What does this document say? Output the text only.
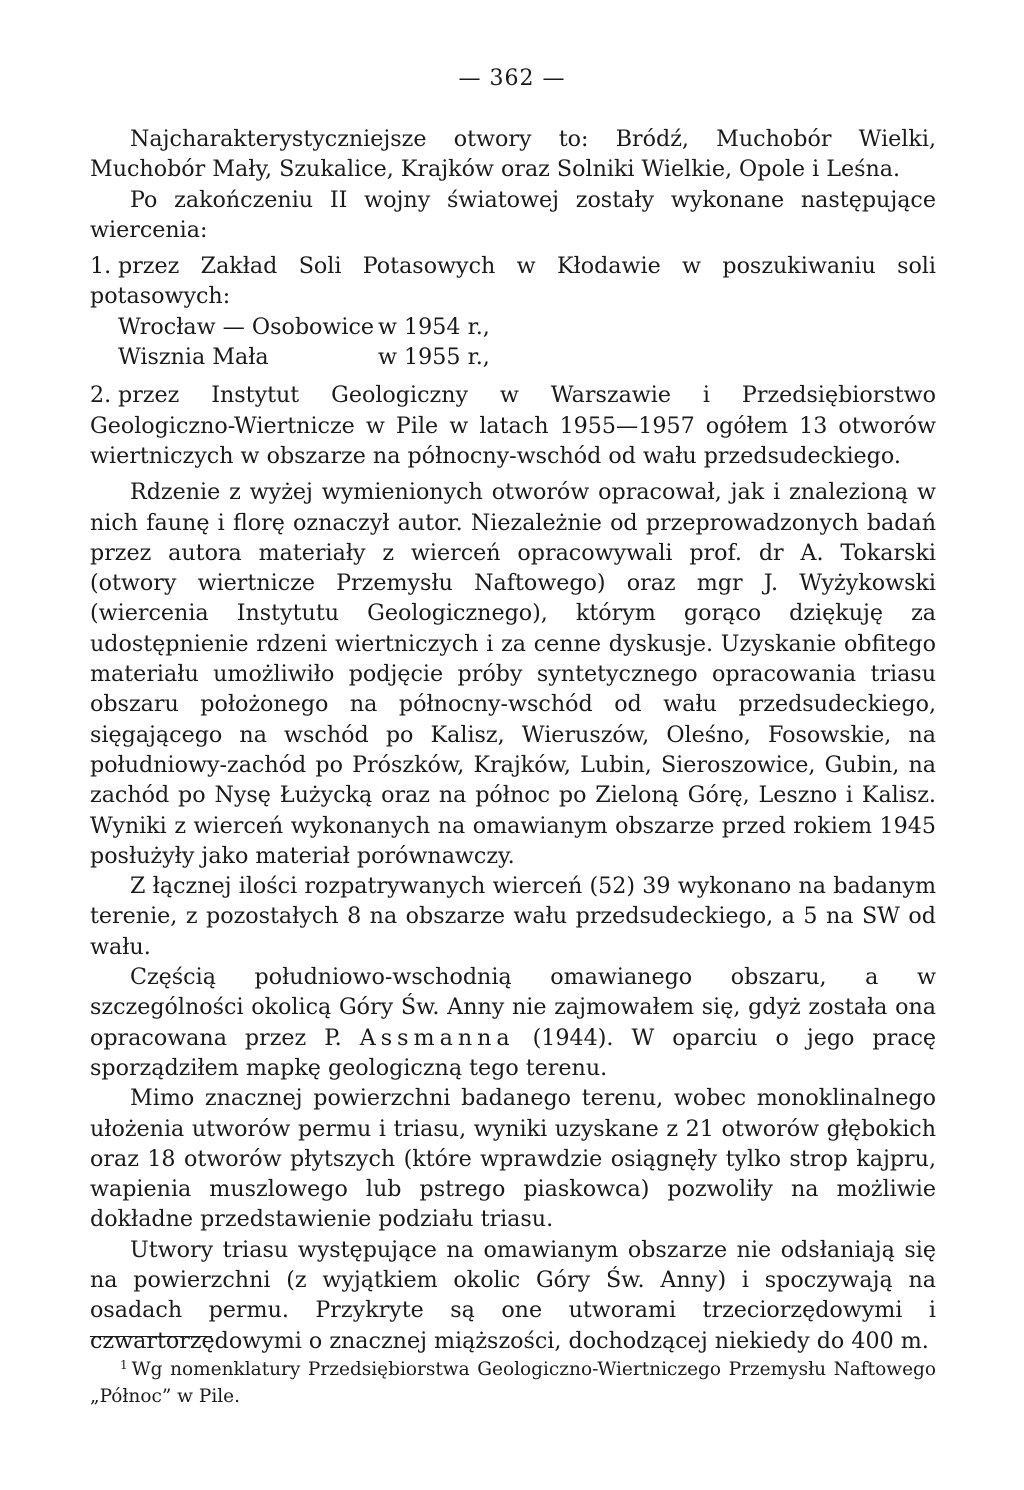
— 362 —

Najcharakterystyczniejsze otwory to: Bródź, Muchobór Wielki, Muchobór Mały, Szukalice, Krajków oraz Solniki Wielkie, Opole i Leśna.

Po zakończeniu II wojny światowej zostały wykonane następujące wiercenia:

1. przez Zakład Soli Potasowych w Kłodawie w poszukiwaniu soli potasowych:
Wrocław — Osobowice w 1954 r.,
Wisznia Mała	w 1955 r.,
2. przez Instytut Geologiczny w Warszawie i Przedsiębiorstwo Geologiczno-Wiertnicze w Pile w latach 1955—1957 ogółem 13 otworów wiertniczych w obszarze na północny-wschód od wału przedsudeckiego.

Rdzenie z wyżej wymienionych otworów opracował, jak i znalezioną w nich faunę i florę oznaczył autor. Niezależnie od przeprowadzonych badań przez autora materiały z wierceń opracowywali prof. dr A. Tokarski (otwory wiertnicze Przemysłu Naftowego) oraz mgr J. Wyżykowski (wiercenia Instytutu Geologicznego), którym gorąco dziękuję za udostępnienie rdzeni wiertniczych i za cenne dyskusje. Uzyskanie obfitego materiału umożliwiło podjęcie próby syntetycznego opracowania triasu obszaru położonego na północny-wschód od wału przedsudeckiego, sięgającego na wschód po Kalisz, Wieruszów, Oleśno, Fosowskie, na południowy-zachód po Prószków, Krajków, Lubin, Sieroszowice, Gubin, na zachód po Nysę Łużycką oraz na północ po Zieloną Górę, Leszno i Kalisz. Wyniki z wierceń wykonanych na omawianym obszarze przed rokiem 1945 posłużyły jako materiał porównawczy.

Z łącznej ilości rozpatrywanych wierceń (52) 39 wykonano na badanym terenie, z pozostałych 8 na obszarze wału przedsudeckiego, a 5 na SW od wału.

Częścią południowo-wschodnią omawianego obszaru, a w szczególności okolicą Góry Św. Anny nie zajmowałem się, gdyż została ona opracowana przez P. Assmanna (1944). W oparciu o jego pracę sporządziłem mapkę geologiczną tego terenu.

Mimo znacznej powierzchni badanego terenu, wobec monoklinalnego ułożenia utworów permu i triasu, wyniki uzyskane z 21 otworów głębokich oraz 18 otworów płytszych (które wprawdzie osiągnęły tylko strop kajpru, wapienia muszlowego lub pstrego piaskowca) pozwoliły na możliwie dokładne przedstawienie podziału triasu.

Utwory triasu występujące na omawianym obszarze nie odsłaniają się na powierzchni (z wyjątkiem okolic Góry Św. Anny) i spoczywają na osadach permu. Przykryte są one utworami trzeciorzędowymi i czwartorzędowymi o znacznej miąższości, dochodzącej niekiedy do 400 m.

$^1$ Wg nomenklatury Przedsiębiorstwa Geologiczno-Wiertniczego Przemysłu Naftowego „Północ” w Pile.
